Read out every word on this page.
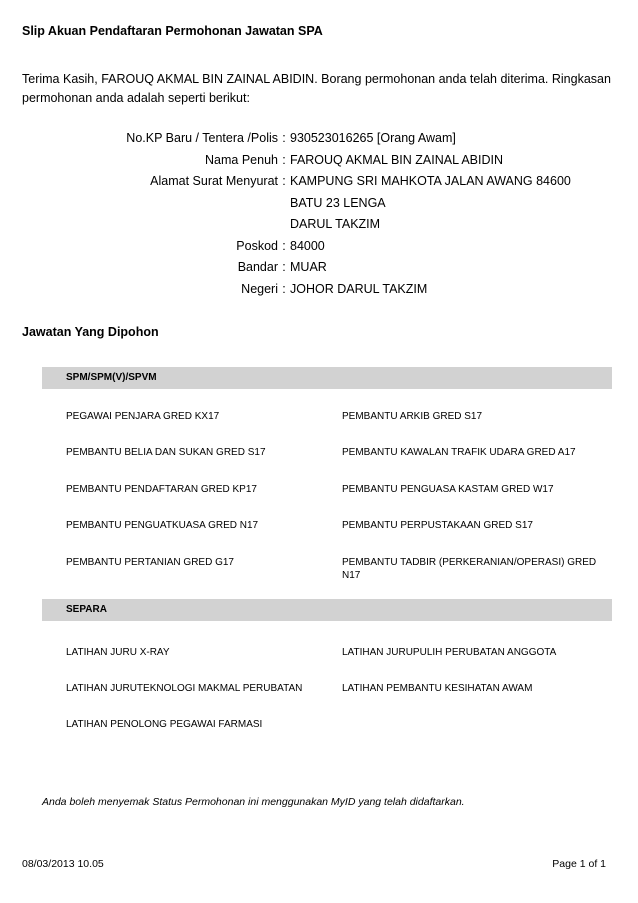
Slip Akuan Pendaftaran Permohonan Jawatan SPA
Terima Kasih, FAROUQ AKMAL BIN ZAINAL ABIDIN. Borang permohonan anda telah diterima. Ringkasan permohonan anda adalah seperti berikut:
No.KP Baru / Tentera /Polis : 930523016265 [Orang Awam]
Nama Penuh : FAROUQ AKMAL BIN ZAINAL ABIDIN
Alamat Surat Menyurat : KAMPUNG SRI MAHKOTA JALAN AWANG 84600
BATU 23 LENGA
DARUL TAKZIM
Poskod : 84000
Bandar : MUAR
Negeri : JOHOR DARUL TAKZIM
Jawatan Yang Dipohon
SPM/SPM(V)/SPVM
PEGAWAI PENJARA GRED KX17	PEMBANTU ARKIB GRED S17
PEMBANTU BELIA DAN SUKAN GRED S17	PEMBANTU KAWALAN TRAFIK UDARA GRED A17
PEMBANTU PENDAFTARAN GRED KP17	PEMBANTU PENGUASA KASTAM GRED W17
PEMBANTU PENGUATKUASA GRED N17	PEMBANTU PERPUSTAKAAN GRED S17
PEMBANTU PERTANIAN GRED G17	PEMBANTU TADBIR (PERKERANIAN/OPERASI) GRED N17
SEPARA
LATIHAN JURU X-RAY	LATIHAN JURUPULIH PERUBATAN ANGGOTA
LATIHAN JURUTEKNOLOGI MAKMAL PERUBATAN	LATIHAN PEMBANTU KESIHATAN AWAM
LATIHAN PENOLONG PEGAWAI FARMASI
Anda boleh menyemak Status Permohonan ini menggunakan MyID yang telah didaftarkan.
08/03/2013 10.05	Page 1 of 1
